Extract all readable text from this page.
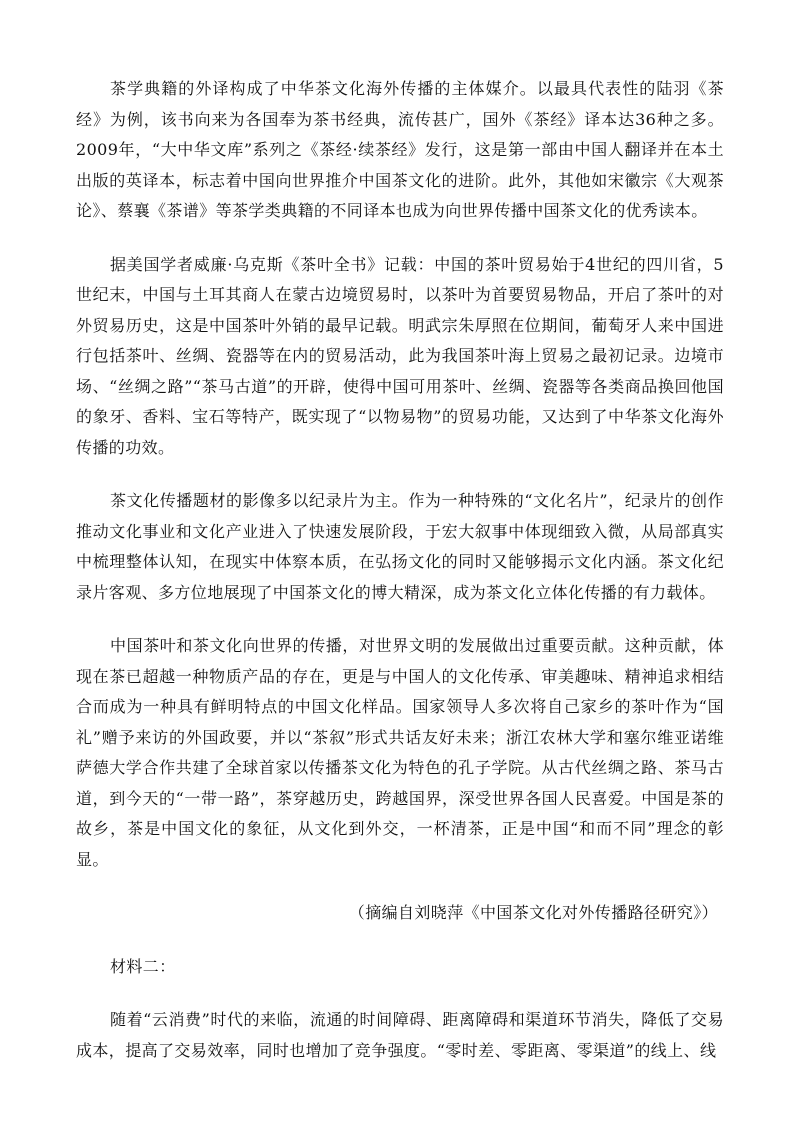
茶学典籍的外译构成了中华茶文化海外传播的主体媒介。以最具代表性的陆羽《茶经》为例，该书向来为各国奉为茶书经典，流传甚广，国外《茶经》译本达36种之多。2009年，“大中华文库”系列之《茶经·续茶经》发行，这是第一部由中国人翻译并在本土出版的英译本，标志着中国向世界推介中国茶文化的进阶。此外，其他如宋徽宗《大观茶论》、蔡襄《茶谱》等茶学类典籍的不同译本也成为向世界传播中国茶文化的优秀读本。

据美国学者威廉·乌克斯《茶叶全书》记载：中国的茶叶贸易始于4世纪的四川省，5世纪末，中国与土耳其商人在蒙古边境贸易时，以茶叶为首要贸易物品，开启了茶叶的对外贸易历史，这是中国茶叶外销的最早记载。明武宗朱厚照在位期间，葡萄牙人来中国进行包括茶叶、丝绸、瓷器等在内的贸易活动，此为我国茶叶海上贸易之最初记录。边境市场、“丝绸之路”“茶马古道”的开辟，使得中国可用茶叶、丝绸、瓷器等各类商品换回他国的象牙、香料、宝石等特产，既实现了“以物易物”的贸易功能，又达到了中华茶文化海外传播的功效。

茶文化传播题材的影像多以纪录片为主。作为一种特殊的“文化名片”，纪录片的创作推动文化事业和文化产业进入了快速发展阶段，于宏大叙事中体现细致入微，从局部真实中梳理整体认知，在现实中体察本质，在弘扬文化的同时又能够揭示文化内涵。茶文化纪录片客观、多方位地展现了中国茶文化的博大精深，成为茶文化立体化传播的有力载体。

中国茶叶和茶文化向世界的传播，对世界文明的发展做出过重要贡献。这种贡献，体现在茶已超越一种物质产品的存在，更是与中国人的文化传承、审美趣味、精神追求相结合而成为一种具有鲜明特点的中国文化样品。国家领导人多次将自己家乡的茶叶作为“国礼”赠予来访的外国政要，并以“茶叙”形式共话友好未来；浙江农林大学和塞尔维亚诺维萨德大学合作共建了全球首家以传播茶文化为特色的孔子学院。从古代丝绸之路、茶马古道，到今天的“一带一路”，茶穿越历史，跨越国界，深受世界各国人民喜爱。中国是茶的故乡，茶是中国文化的象征，从文化到外交，一杯清茶，正是中国“和而不同”理念的彰显。

（摘编自刘晓萍《中国茶文化对外传播路径研究》）

材料二：

随着“云消费”时代的来临，流通的时间障碍、距离障碍和渠道环节消失，降低了交易成本，提高了交易效率，同时也增加了竞争强度。“零时差、零距离、零渠道”的线上、线
